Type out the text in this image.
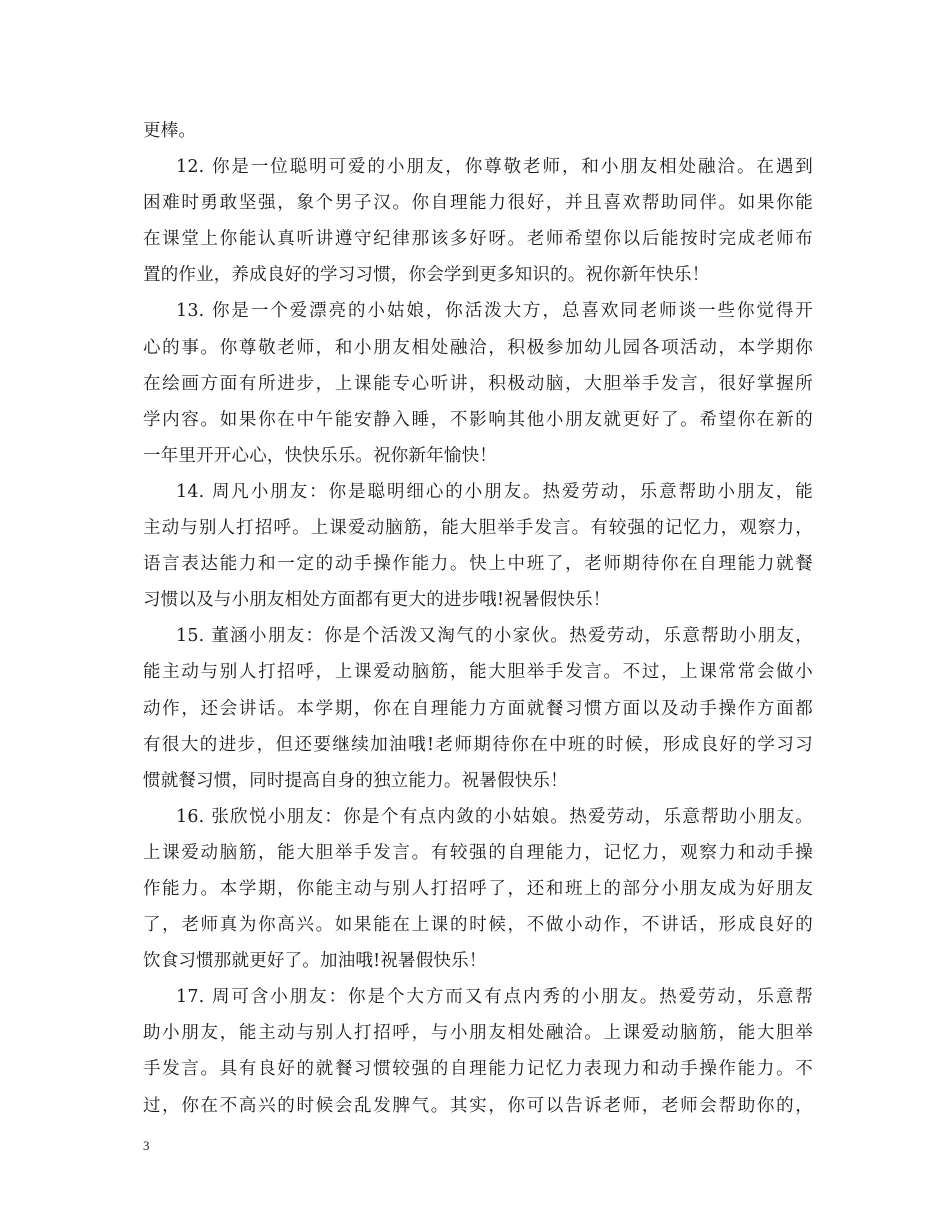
更棒。
12. 你是一位聪明可爱的小朋友，你尊敬老师，和小朋友相处融洽。在遇到
困难时勇敢坚强，象个男子汉。你自理能力很好，并且喜欢帮助同伴。如果你能
在课堂上你能认真听讲遵守纪律那该多好呀。老师希望你以后能按时完成老师布
置的作业，养成良好的学习习惯，你会学到更多知识的。祝你新年快乐！
13. 你是一个爱漂亮的小姑娘，你活泼大方，总喜欢同老师谈一些你觉得开
心的事。你尊敬老师，和小朋友相处融洽，积极参加幼儿园各项活动，本学期你
在绘画方面有所进步，上课能专心听讲，积极动脑，大胆举手发言，很好掌握所
学内容。如果你在中午能安静入睡，不影响其他小朋友就更好了。希望你在新的
一年里开开心心，快快乐乐。祝你新年愉快！
14. 周凡小朋友：你是聪明细心的小朋友。热爱劳动，乐意帮助小朋友，能
主动与别人打招呼。上课爱动脑筋，能大胆举手发言。有较强的记忆力，观察力，
语言表达能力和一定的动手操作能力。快上中班了，老师期待你在自理能力就餐
习惯以及与小朋友相处方面都有更大的进步哦!祝暑假快乐！
15. 董涵小朋友：你是个活泼又淘气的小家伙。热爱劳动，乐意帮助小朋友，
能主动与别人打招呼，上课爱动脑筋，能大胆举手发言。不过，上课常常会做小
动作，还会讲话。本学期，你在自理能力方面就餐习惯方面以及动手操作方面都
有很大的进步，但还要继续加油哦!老师期待你在中班的时候，形成良好的学习习
惯就餐习惯，同时提高自身的独立能力。祝暑假快乐！
16. 张欣悦小朋友：你是个有点内敛的小姑娘。热爱劳动，乐意帮助小朋友。
上课爱动脑筋，能大胆举手发言。有较强的自理能力，记忆力，观察力和动手操
作能力。本学期，你能主动与别人打招呼了，还和班上的部分小朋友成为好朋友
了，老师真为你高兴。如果能在上课的时候，不做小动作，不讲话，形成良好的
饮食习惯那就更好了。加油哦!祝暑假快乐！
17. 周可含小朋友：你是个大方而又有点内秀的小朋友。热爱劳动，乐意帮
助小朋友，能主动与别人打招呼，与小朋友相处融洽。上课爱动脑筋，能大胆举
手发言。具有良好的就餐习惯较强的自理能力记忆力表现力和动手操作能力。不
过，你在不高兴的时候会乱发脾气。其实，你可以告诉老师，老师会帮助你的，
3
